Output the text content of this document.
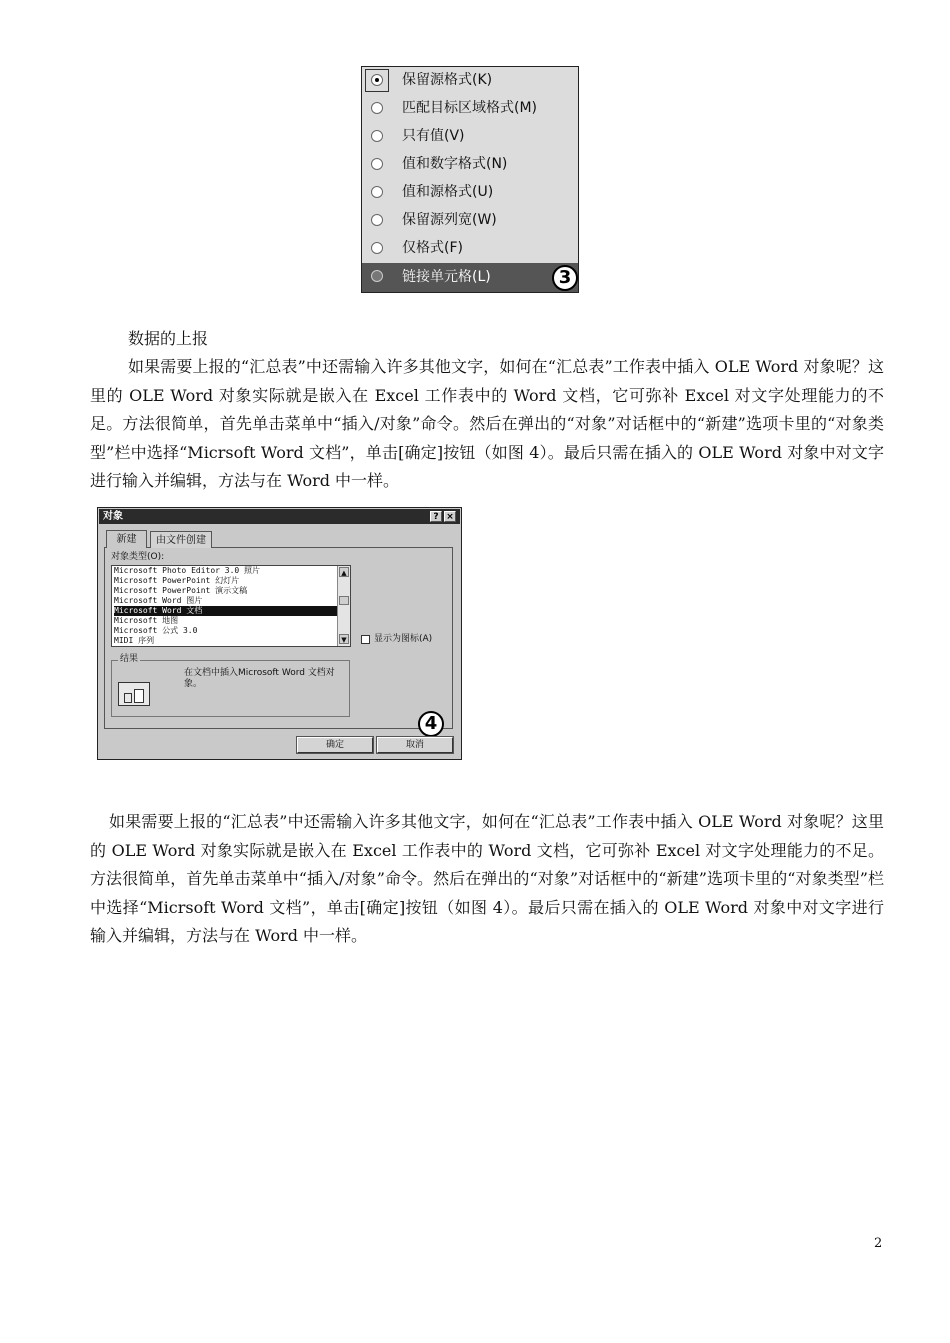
保留源格式(K)
匹配目标区域格式(M)
只有值(V)
值和数字格式(N)
值和源格式(U)
保留源列宽(W)
仅格式(F)
链接单元格(L)	3
数据的上报

如果需要上报的“汇总表”中还需输入许多其他文字，如何在“汇总表”工作表中插入 OLE Word 对象呢？这里的 OLE Word 对象实际就是嵌入在 Excel 工作表中的 Word 文档，它可弥补 Excel 对文字处理能力的不足。方法很简单，首先单击菜单中“插入/对象”命令。然后在弹出的“对象”对话框中的“新建”选项卡里的“对象类型”栏中选择“Micrsoft Word 文档”，单击[确定]按钮（如图 4）。最后只需在插入的 OLE Word 对象中对文字进行输入并编辑，方法与在 Word 中一样。

对象	? ×
新建	由文件创建
对象类型(O):
Microsoft Photo Editor 3.0 照片
Microsoft PowerPoint 幻灯片
Microsoft PowerPoint 演示文稿
Microsoft Word 图片
Microsoft Word 文档
Microsoft 地图
Microsoft 公式 3.0
MIDI 序列
▲
▼	显示为图标(A)
结果
在文档中插入Microsoft Word 文档对象。
4
确定	取消

如果需要上报的“汇总表”中还需输入许多其他文字，如何在“汇总表”工作表中插入 OLE Word 对象呢？这里的 OLE Word 对象实际就是嵌入在 Excel 工作表中的 Word 文档，它可弥补 Excel 对文字处理能力的不足。方法很简单，首先单击菜单中“插入/对象”命令。然后在弹出的“对象”对话框中的“新建”选项卡里的“对象类型”栏中选择“Micrsoft Word 文档”，单击[确定]按钮（如图 4）。最后只需在插入的 OLE Word 对象中对文字进行输入并编辑，方法与在 Word 中一样。

2
